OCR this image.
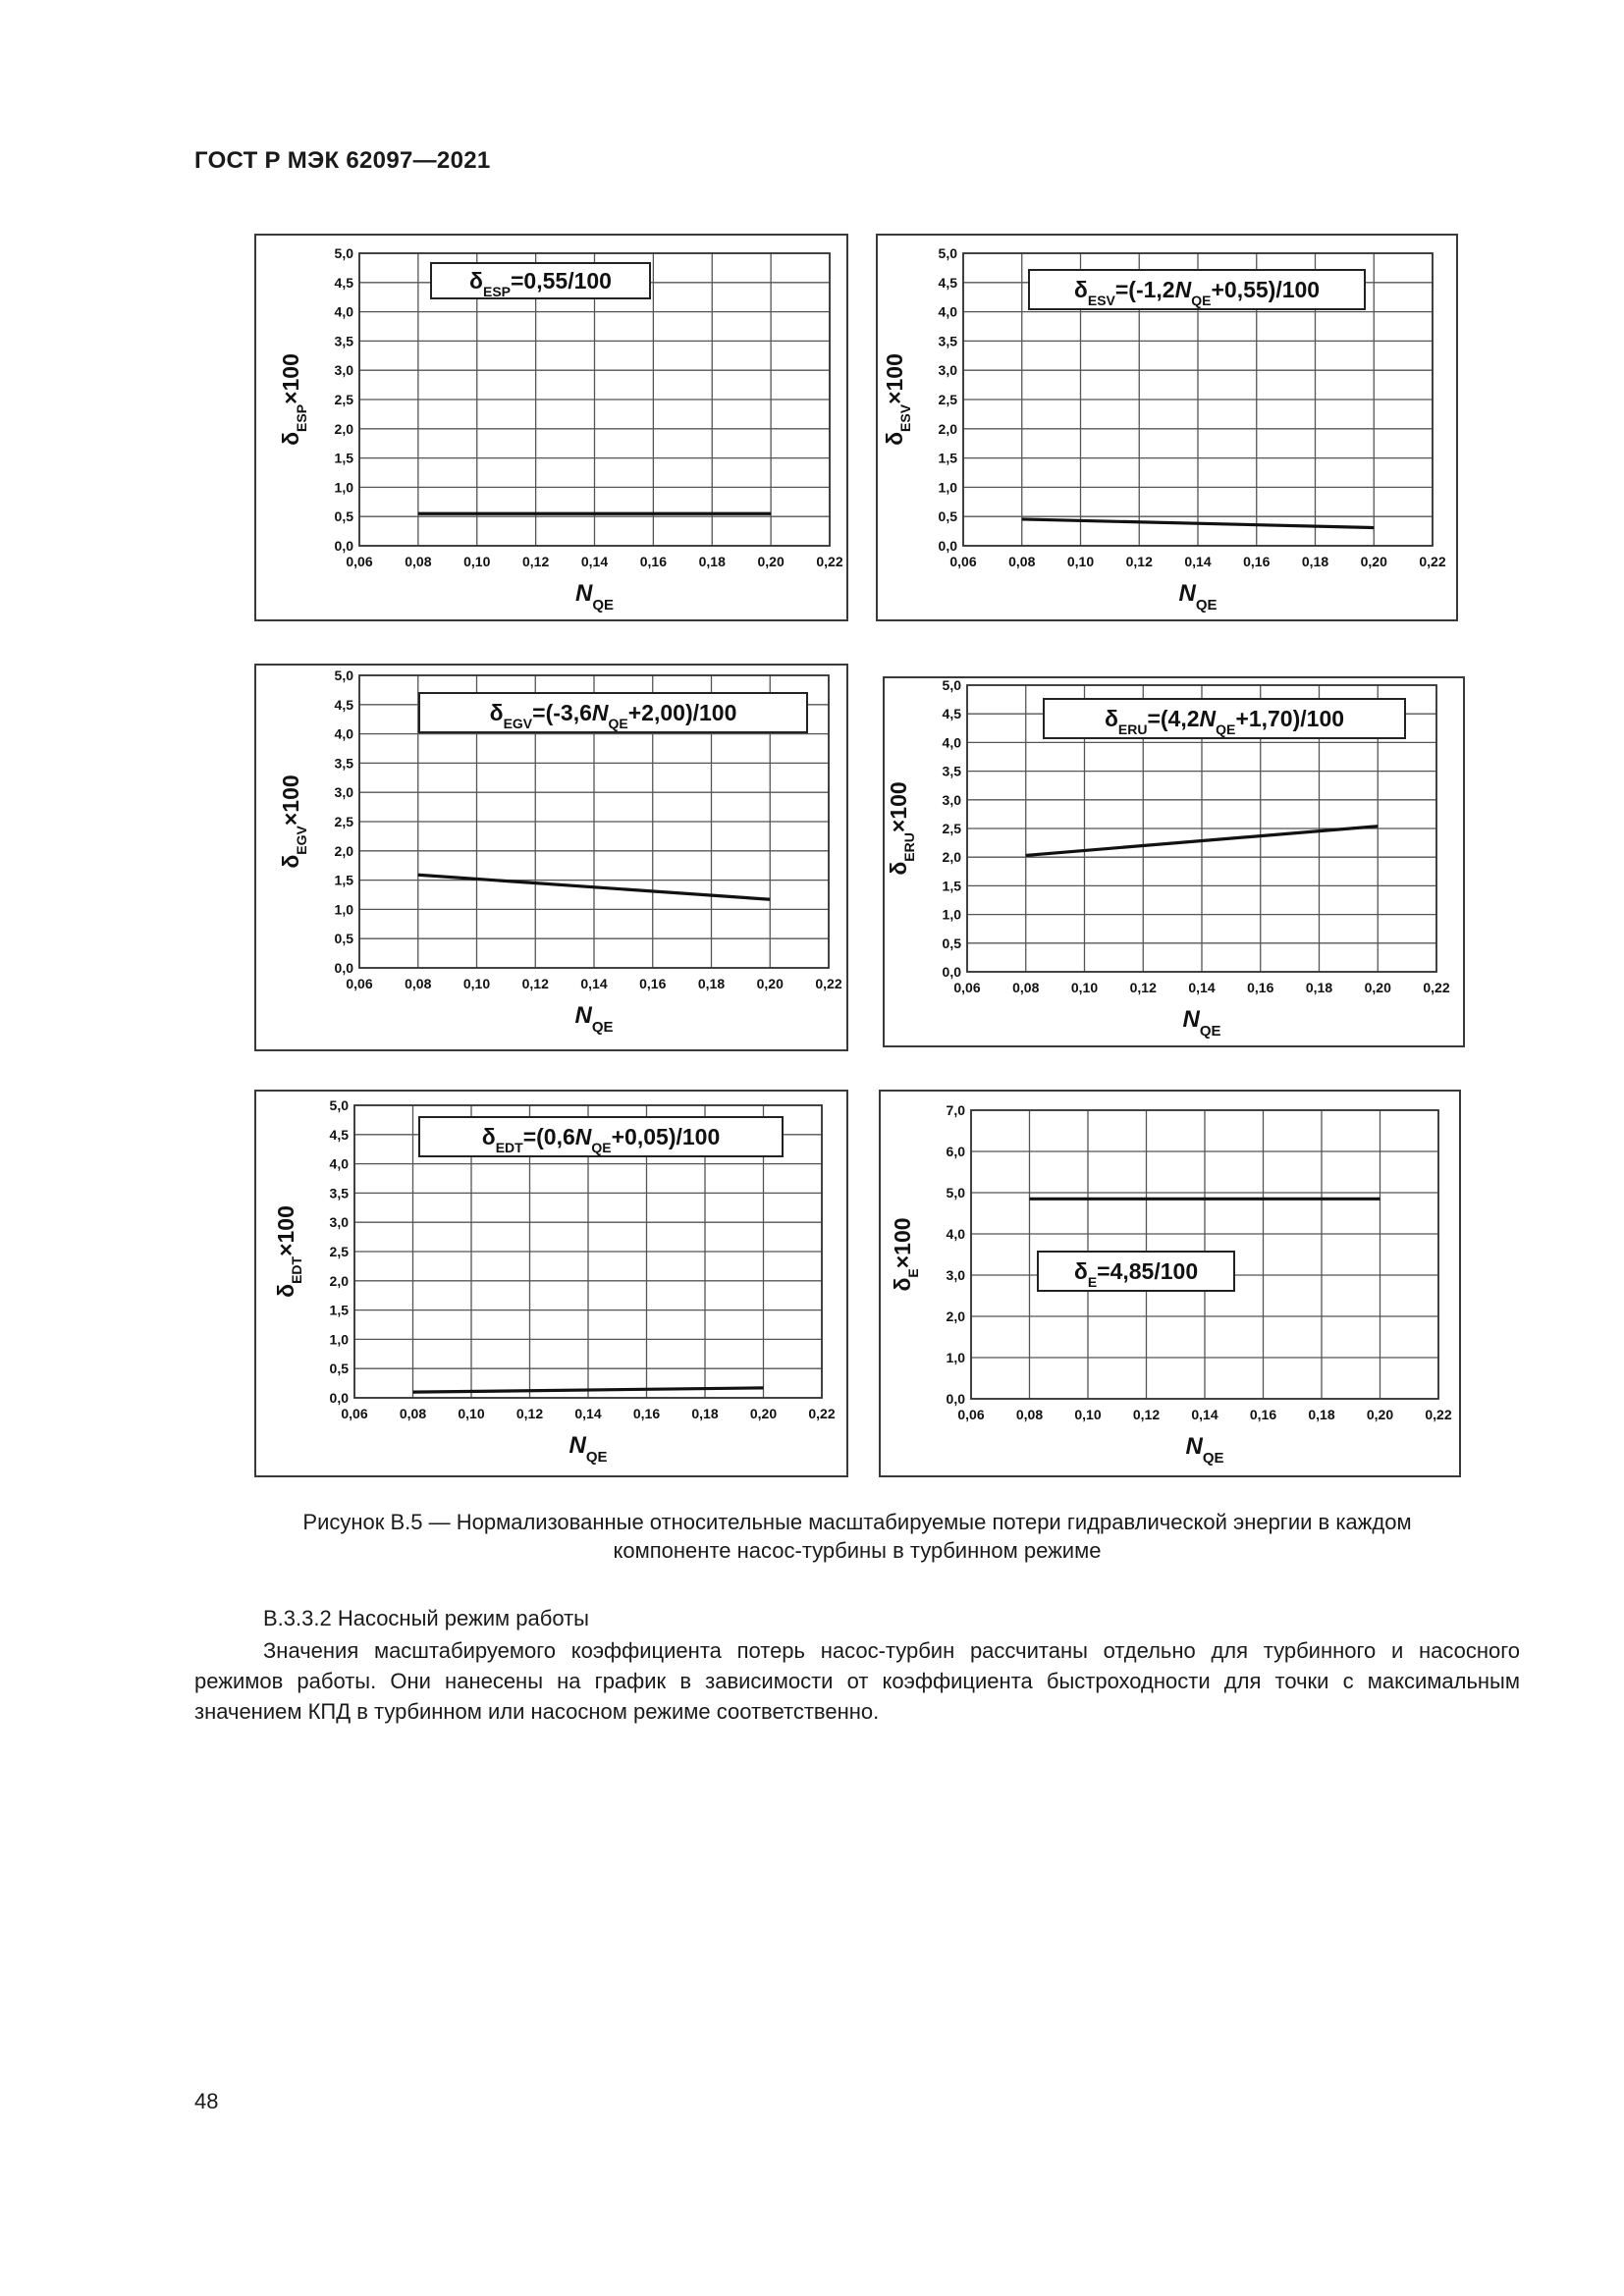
ГОСТ Р МЭК 62097—2021
0,06 0,08 0,10 0,12 0,14 0,16 0,18 0,20 0,22
0,0
0,5
1,0
1,5
2,0
2,5
3,0
3,5
4,0
4,5
5,0
$N_{QE}$
$\delta_{ESP}\times 100$
$\delta_{ESP}=0,55/100$
0,06 0,08 0,10 0,12 0,14 0,16 0,18 0,20 0,22
0,0
0,5
1,0
1,5
2,0
2,5
3,0
3,5
4,0
4,5
5,0
$N_{QE}$
$\delta_{ESV}\times 100$
$\delta_{ESV}=(-1,2N_{QE}+0,55)/100$
0,06 0,08 0,10 0,12 0,14 0,16 0,18 0,20 0,22
0,0
0,5
1,0
1,5
2,0
2,5
3,0
3,5
4,0
4,5
5,0
$N_{QE}$
$\delta_{EGV}\times 100$
$\delta_{EGV}=(-3,6N_{QE}+2,00)/100$
0,06 0,08 0,10 0,12 0,14 0,16 0,18 0,20 0,22
0,0
0,5
1,0
1,5
2,0
2,5
3,0
3,5
4,0
4,5
5,0
$N_{QE}$
$\delta_{ERU}\times 100$
$\delta_{ERU}=(4,2N_{QE}+1,70)/100$
0,06 0,08 0,10 0,12 0,14 0,16 0,18 0,20 0,22
0,0
0,5
1,0
1,5
2,0
2,5
3,0
3,5
4,0
4,5
5,0
$N_{QE}$
$\delta_{EDT}\times 100$
$\delta_{EDT}=(0,6N_{QE}+0,05)/100$
0,06 0,08 0,10 0,12 0,14 0,16 0,18 0,20 0,22
0,0
1,0
2,0
3,0
4,0
5,0
6,0
7,0
$N_{QE}$
$\delta_E\times 100$
$\delta_E=4,85/100$
Рисунок В.5 — Нормализованные относительные масштабируемые потери гидравлической энергии в каждом
компоненте насос-турбины в турбинном режиме
В.3.3.2 Насосный режим работы
Значения масштабируемого коэффициента потерь насос-турбин рассчитаны отдельно для турбинного и насосного режимов работы. Они нанесены на график в зависимости от коэффициента быстроходности для точки с максимальным значением КПД в турбинном или насосном режиме соответственно.
48
